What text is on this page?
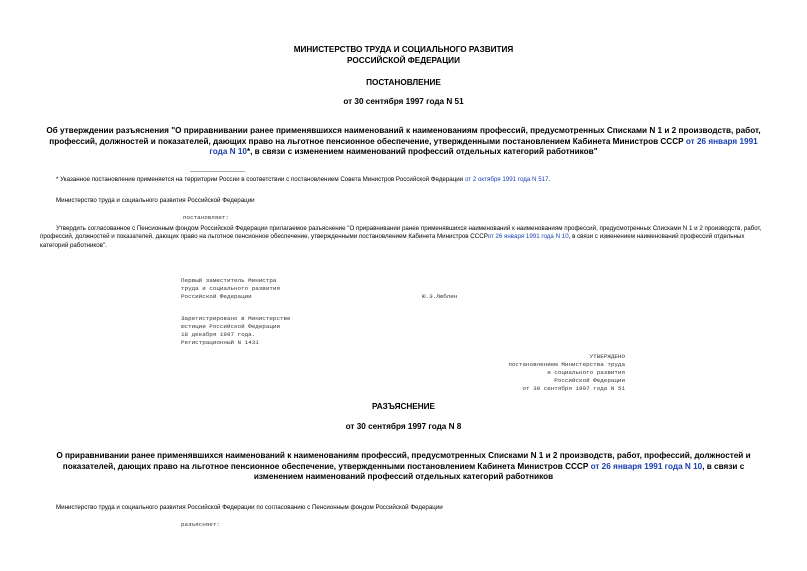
МИНИСТЕРСТВО ТРУДА И СОЦИАЛЬНОГО РАЗВИТИЯ
РОССИЙСКОЙ ФЕДЕРАЦИИ
ПОСТАНОВЛЕНИЕ
от 30 сентября 1997 года N 51
Об утверждении разъяснения "О приравнивании ранее применявшихся наименований к наименованиям профессий, предусмотренных Списками N 1 и 2 производств, работ, профессий, должностей и показателей, дающих право на льготное пенсионное обеспечение, утвержденными постановлением Кабинета Министров СССР от 26 января 1991 года N 10*, в связи с изменением наименований профессий отдельных категорий работников"
________________
* Указанное постановление применяется на территории России в соответствии с постановлением Совета Министров Российской Федерации от 2 октября 1991 года N 517.
Министерство труда и социального развития Российской Федерации
постановляет:
Утвердить согласованное с Пенсионным фондом Российской Федерации прилагаемое разъяснение "О приравнивании ранее применявшихся наименований к наименованиям профессий, предусмотренных Списками N 1 и 2 производств, работ, профессий, должностей и показателей, дающих право на льготное пенсионное обеспечение, утвержденными постановлением Кабинета Министров СССРот 26 января 1991 года N 10, в связи с изменением наименований профессий отдельных категорий работников".
Первый заместитель Министра
труда и социального развития
Российской Федерации	Ю.Э.Люблин
Зарегистрировано в Министерстве
юстиции Российской Федерации
18 декабря 1997 года.
Регистрационный N 1431
УТВЕРЖДЕНО
постановлением Министерства труда
и социального развития
Российской Федерации
от 30 сентября 1997 года N 51
РАЗЪЯСНЕНИЕ
от 30 сентября 1997 года N 8
О приравнивании ранее применявшихся наименований к наименованиям профессий, предусмотренных Списками N 1 и 2 производств, работ, профессий, должностей и показателей, дающих право на льготное пенсионное обеспечение, утвержденными постановлением Кабинета Министров СССР от 26 января 1991 года N 10, в связи с изменением наименований профессий отдельных категорий работников
Министерство труда и социального развития Российской Федерации по согласованию с Пенсионным фондом Российской Федерации
разъясняет:
